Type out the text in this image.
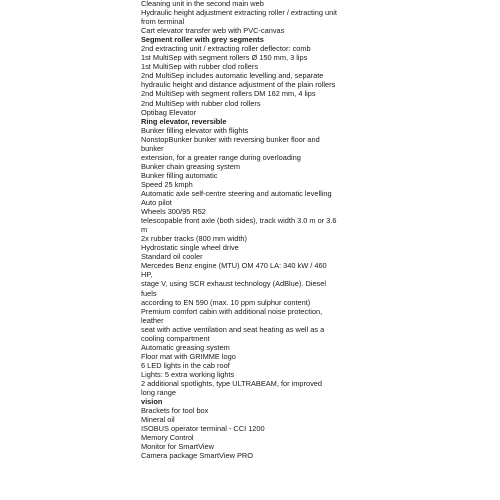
Cleaning unit in the second main web
Hydraulic height adjustment extracting roller / extracting unit
from terminal
Cart elevator transfer web with PVC-canvas
Segment roller with grey segments
2nd extracting unit / extracting roller deflector: comb
1st MultiSep with segment rollers Ø 150 mm, 3 lips
1st MultiSep with rubber clod rollers
2nd MultiSep includes automatic levelling and, separate
hydraulic height and distance adjustment of the plain rollers
2nd MultiSep with segment rollers DM 162 mm, 4 lips
2nd MultiSep with rubber clod rollers
Optibag Elevator
Ring elevator, reversible
Bunker filling elevator with flights
NonstopBunker bunker with reversing bunker floor and
bunker
extension, for a greater range during overloading
Bunker chain greasing system
Bunker filling automatic
Speed 25 kmph
Automatic axle self-centre steering and automatic levelling
Auto pilot
Wheels 300/95 R52
telescopable front axle (both sides), track width 3.0 m or 3.6
m
2x rubber tracks (800 mm width)
Hydrostatic single wheel drive
Standard oil cooler
Mercedes Benz engine (MTU) OM 470 LA: 340 kW / 460
HP,
stage V, using SCR exhaust technology (AdBlue). Diesel
fuels
according to EN 590 (max. 10 ppm sulphur content)
Premium comfort cabin with additional noise protection,
leather
seat with active ventilation and seat heating as well as a
cooling compartment
Automatic greasing system
Floor mat with GRIMME logo
6 LED lights in the cab roof
Lights: 5 extra working lights
2 additional spotlights, type ULTRABEAM, for improved
long range
vision
Brackets for tool box
Mineral oil
ISOBUS operator terminal - CCI 1200
Memory Control
Monitor for SmartView
Camera package SmartView PRO
